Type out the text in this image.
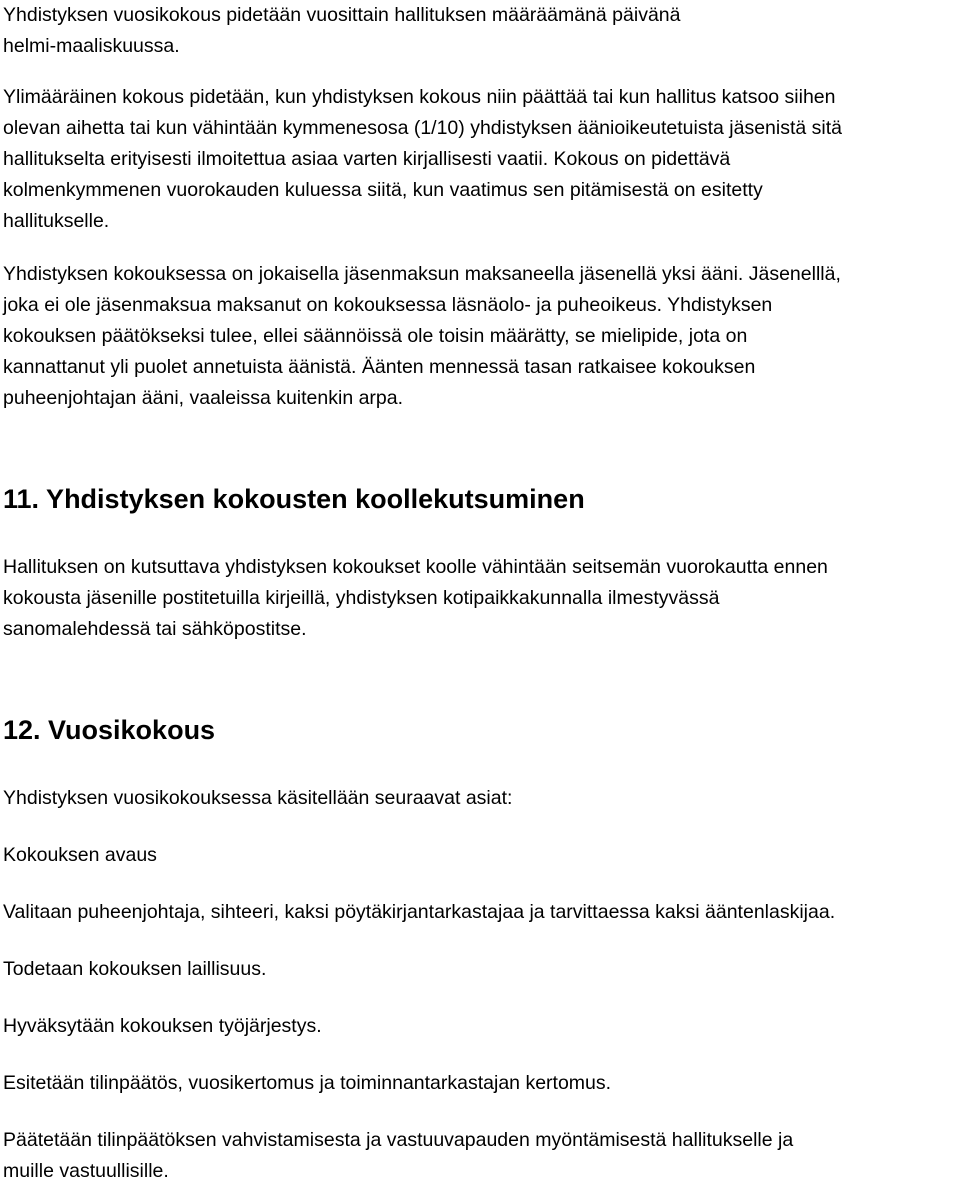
Yhdistyksen vuosikokous pidetään vuosittain hallituksen määräämänä päivänä
helmi-maaliskuussa.

Ylimääräinen kokous pidetään, kun yhdistyksen kokous niin päättää tai kun hallitus katsoo siihen
olevan aihetta tai kun vähintään kymmenesosa (1/10) yhdistyksen äänioikeutetuista jäsenistä sitä
hallitukselta erityisesti ilmoitettua asiaa varten kirjallisesti vaatii. Kokous on pidettävä
kolmenkymmenen vuorokauden kuluessa siitä, kun vaatimus sen pitämisestä on esitetty
hallitukselle.

Yhdistyksen kokouksessa on jokaisella jäsenmaksun maksaneella jäsenellä yksi ääni. Jäsenelllä,
joka ei ole jäsenmaksua maksanut on kokouksessa läsnäolo- ja puheoikeus. Yhdistyksen
kokouksen päätökseksi tulee, ellei säännöissä ole toisin määrätty, se mielipide, jota on
kannattanut yli puolet annetuista äänistä. Äänten mennessä tasan ratkaisee kokouksen
puheenjohtajan ääni, vaaleissa kuitenkin arpa.

11. Yhdistyksen kokousten koollekutsuminen

Hallituksen on kutsuttava yhdistyksen kokoukset koolle vähintään seitsemän vuorokautta ennen
kokousta jäsenille postitetuilla kirjeillä, yhdistyksen kotipaikkakunnalla ilmestyvässä
sanomalehdessä tai sähköpostitse.

12. Vuosikokous

Yhdistyksen vuosikokouksessa käsitellään seuraavat asiat:

Kokouksen avaus

Valitaan puheenjohtaja, sihteeri, kaksi pöytäkirjantarkastajaa ja tarvittaessa kaksi ääntenlaskijaa.

Todetaan kokouksen laillisuus.

Hyväksytään kokouksen työjärjestys.

Esitetään tilinpäätös, vuosikertomus ja toiminnantarkastajan kertomus.

Päätetään tilinpäätöksen vahvistamisesta ja vastuuvapauden myöntämisestä hallitukselle ja
muille vastuullisille.
